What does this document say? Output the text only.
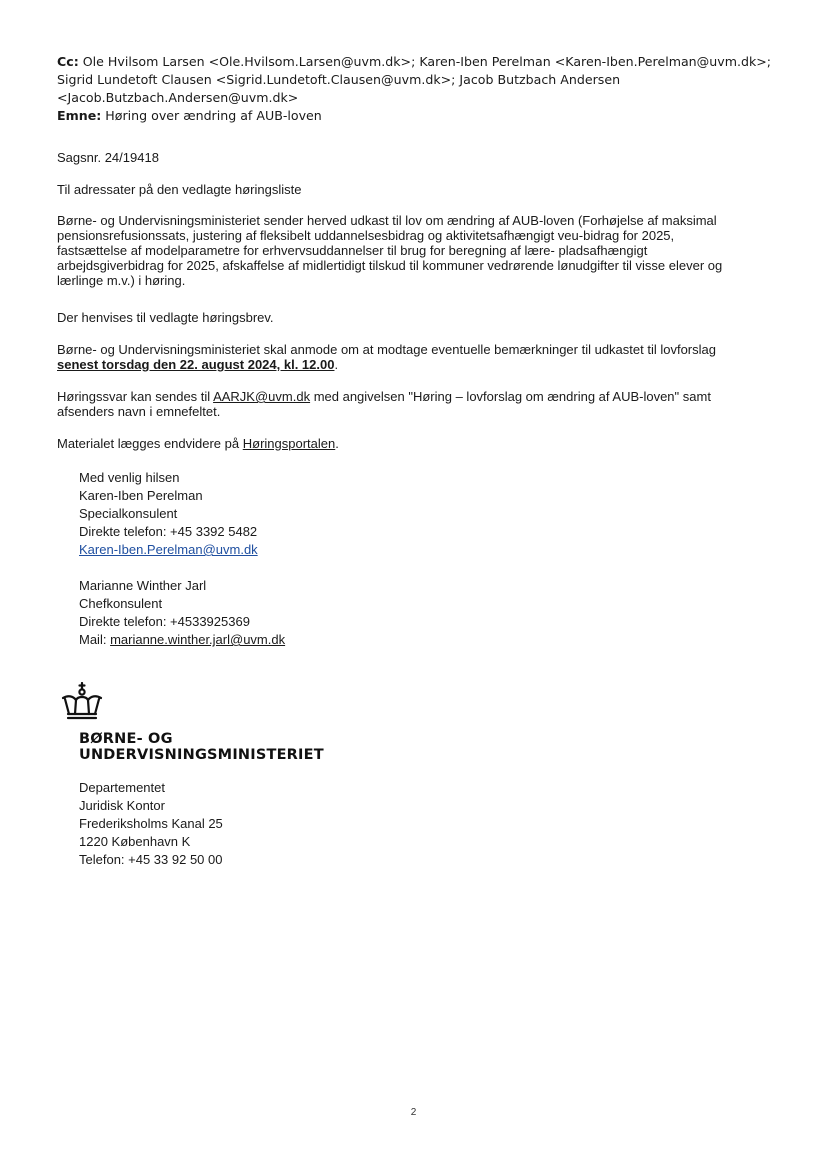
Cc: Ole Hvilsom Larsen <Ole.Hvilsom.Larsen@uvm.dk>; Karen-Iben Perelman <Karen-Iben.Perelman@uvm.dk>;
Sigrid Lundetoft Clausen <Sigrid.Lundetoft.Clausen@uvm.dk>; Jacob Butzbach Andersen
<Jacob.Butzbach.Andersen@uvm.dk>
Emne: Høring over ændring af AUB-loven
Sagsnr. 24/19418
Til adressater på den vedlagte høringsliste
Børne- og Undervisningsministeriet sender herved udkast til lov om ændring af AUB-loven (Forhøjelse af maksimal
pensionsrefusionssats, justering af fleksibelt uddannelsesbidrag og aktivitetsafhængigt veu-bidrag for 2025,
fastsættelse af modelparametre for erhvervsuddannelser til brug for beregning af lære- pladsafhængigt
arbejdsgiverbidrag for 2025, afskaffelse af midlertidigt tilskud til kommuner vedrørende lønudgifter til visse elever og
lærlinge m.v.) i høring.
Der henvises til vedlagte høringsbrev.
Børne- og Undervisningsministeriet skal anmode om at modtage eventuelle bemærkninger til udkastet til lovforslag
senest torsdag den 22. august 2024, kl. 12.00.
Høringssvar kan sendes til AARJK@uvm.dk med angivelsen "Høring – lovforslag om ændring af AUB-loven" samt
afsenders navn i emnefeltet.
Materialet lægges endvidere på Høringsportalen.
Med venlig hilsen
Karen-Iben Perelman
Specialkonsulent
Direkte telefon: +45 3392 5482
Karen-Iben.Perelman@uvm.dk
Marianne Winther Jarl
Chefkonsulent
Direkte telefon: +4533925369
Mail: marianne.winther.jarl@uvm.dk
BØRNE- OG
UNDERVISNINGSMINISTERIET
Departementet
Juridisk Kontor
Frederiksholms Kanal 25
1220 København K
Telefon: +45 33 92 50 00
2
